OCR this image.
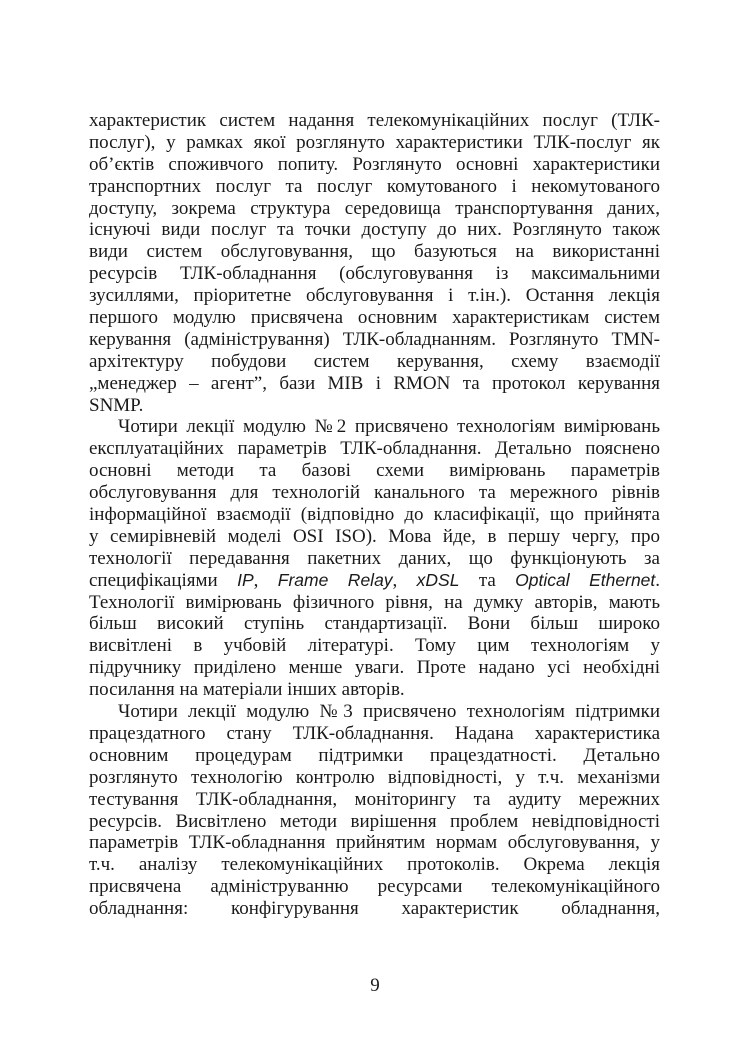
характеристик систем надання телекомунікаційних послуг (ТЛК-
послуг), у рамках якої розглянуто характеристики ТЛК-послуг як
об’єктів споживчого попиту. Розглянуто основні характеристики
транспортних послуг та послуг комутованого і некомутованого
доступу, зокрема структура середовища транспортування даних,
існуючі види послуг та точки доступу до них. Розглянуто також
види систем обслуговування, що базуються на використанні
ресурсів ТЛК-обладнання (обслуговування із максимальними
зусиллями, пріоритетне обслуговування і т.ін.). Остання лекція
першого модулю присвячена основним характеристикам систем
керування (адміністрування) ТЛК-обладнанням. Розглянуто TMN-
архітектуру побудови систем керування, схему взаємодії
„менеджер – агент”, бази MIB і RMON та протокол керування
SNMP.
Чотири лекції модулю №2 присвячено технологіям вимірювань
експлуатаційних параметрів ТЛК-обладнання. Детально пояснено
основні методи та базові схеми вимірювань параметрів
обслуговування для технологій канального та мережного рівнів
інформаційної взаємодії (відповідно до класифікації, що прийнята
у семирівневій моделі OSI ISO). Мова йде, в першу чергу, про
технології передавання пакетних даних, що функціонують за
специфікаціями IP, Frame Relay, xDSL та Optical Ethernet.
Технології вимірювань фізичного рівня, на думку авторів, мають
більш високий ступінь стандартизації. Вони більш широко
висвітлені в учбовій літературі. Тому цим технологіям у
підручнику приділено менше уваги. Проте надано усі необхідні
посилання на матеріали інших авторів.
Чотири лекції модулю №3 присвячено технологіям підтримки
працездатного стану ТЛК-обладнання. Надана характеристика
основним процедурам підтримки працездатності. Детально
розглянуто технологію контролю відповідності, у т.ч. механізми
тестування ТЛК-обладнання, моніторингу та аудиту мережних
ресурсів. Висвітлено методи вирішення проблем невідповідності
параметрів ТЛК-обладнання прийнятим нормам обслуговування, у
т.ч. аналізу телекомунікаційних протоколів. Окрема лекція
присвячена адмініструванню ресурсами телекомунікаційного
обладнання: конфігурування характеристик обладнання,
9
